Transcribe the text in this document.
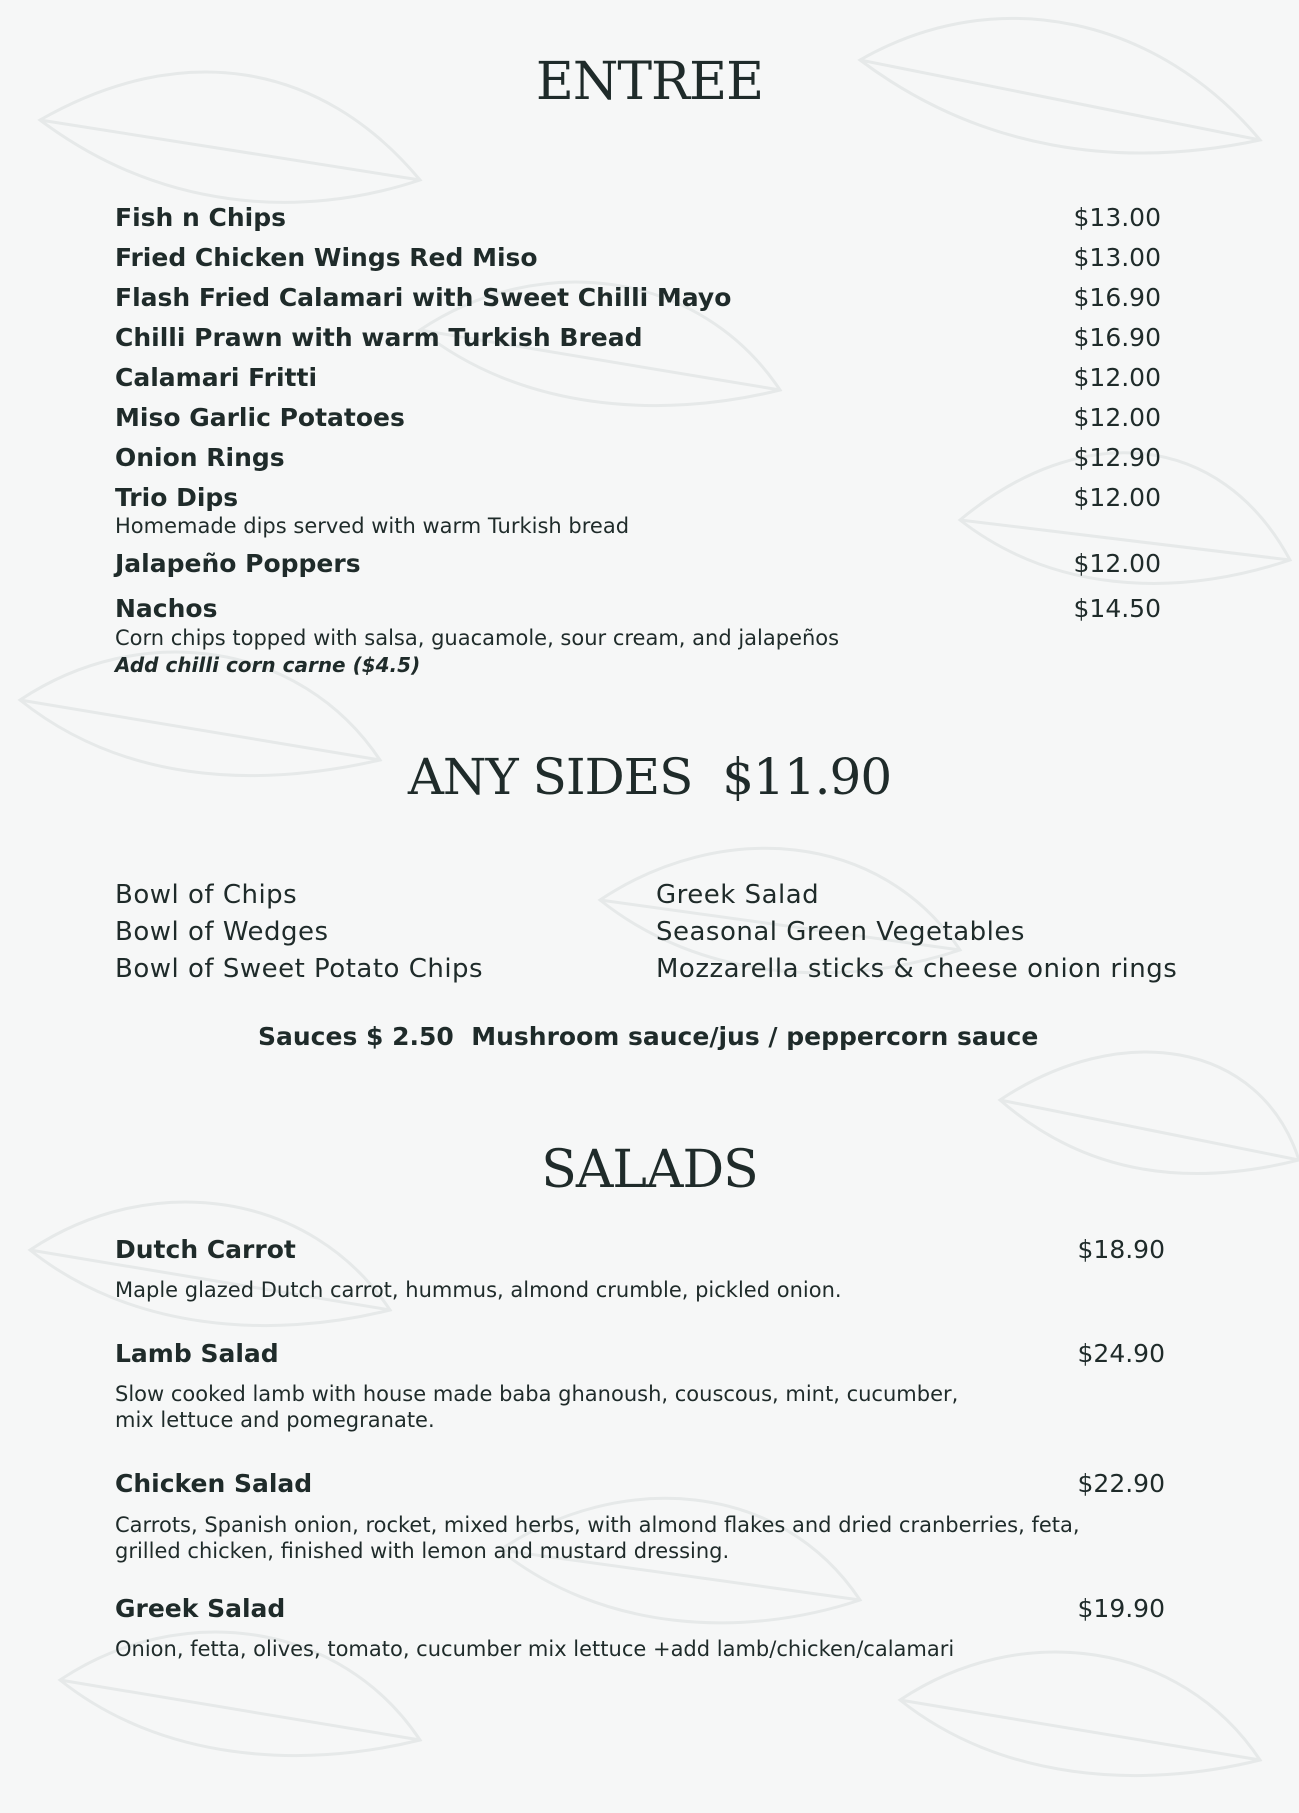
ENTREE
Fish n Chips	$13.00
Fried Chicken Wings Red Miso	$13.00
Flash Fried Calamari with Sweet Chilli Mayo	$16.90
Chilli Prawn with warm Turkish Bread	$16.90
Calamari Fritti	$12.00
Miso Garlic Potatoes	$12.00
Onion Rings	$12.90
Trio Dips	$12.00
Homemade dips served with warm Turkish bread
Jalapeño Poppers	$12.00
Nachos	$14.50
Corn chips topped with salsa, guacamole, sour cream, and jalapeños
Add chilli corn carne ($4.5)
ANY SIDES  $11.90
Bowl of Chips
Bowl of Wedges
Bowl of Sweet Potato Chips
Greek Salad
Seasonal Green Vegetables
Mozzarella sticks & cheese onion rings
Sauces $ 2.50  Mushroom sauce/jus / peppercorn sauce
SALADS
Dutch Carrot	$18.90
Maple glazed Dutch carrot, hummus, almond crumble, pickled onion.
Lamb Salad	$24.90
Slow cooked lamb with house made baba ghanoush, couscous, mint, cucumber,
mix lettuce and pomegranate.
Chicken Salad	$22.90
Carrots, Spanish onion, rocket, mixed herbs, with almond flakes and dried cranberries, feta,
grilled chicken, finished with lemon and mustard dressing.
Greek Salad	$19.90
Onion, fetta, olives, tomato, cucumber mix lettuce +add lamb/chicken/calamari
